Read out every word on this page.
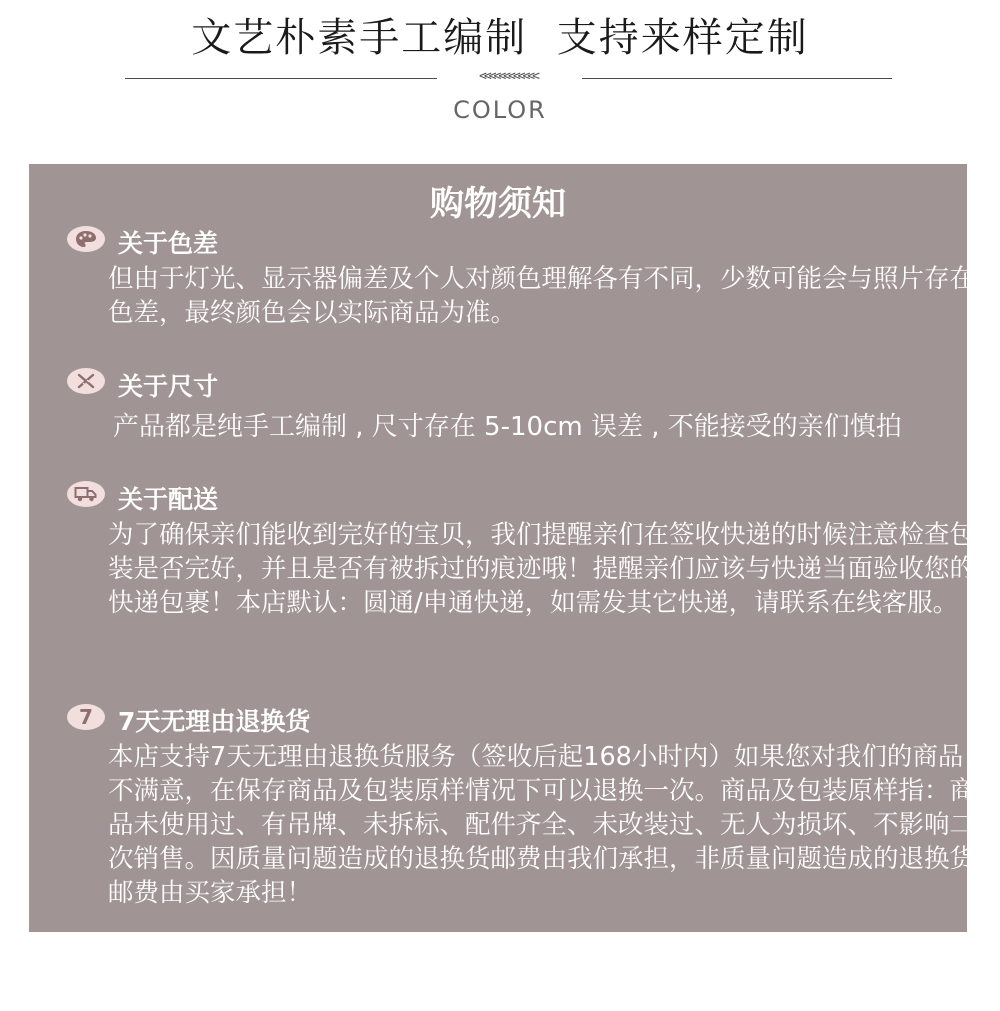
文艺朴素手工编制  支持来样定制
<<<<<<<<<<<<
COLOR
购物须知
关于色差
但由于灯光、显示器偏差及个人对颜色理解各有不同，少数可能会与照片存在色差，最终颜色会以实际商品为准。
关于尺寸
产品都是纯手工编制 , 尺寸存在 5-10cm 误差 , 不能接受的亲们慎拍
关于配送
为了确保亲们能收到完好的宝贝，我们提醒亲们在签收快递的时候注意检查包装是否完好，并且是否有被拆过的痕迹哦！提醒亲们应该与快递当面验收您的快递包裹！本店默认：圆通/申通快递，如需发其它快递，请联系在线客服。
7 7天无理由退换货
本店支持7天无理由退换货服务（签收后起168小时内）如果您对我们的商品不满意，在保存商品及包装原样情况下可以退换一次。商品及包装原样指：商品未使用过、有吊牌、未拆标、配件齐全、未改装过、无人为损坏、不影响二次销售。因质量问题造成的退换货邮费由我们承担，非质量问题造成的退换货邮费由买家承担！
